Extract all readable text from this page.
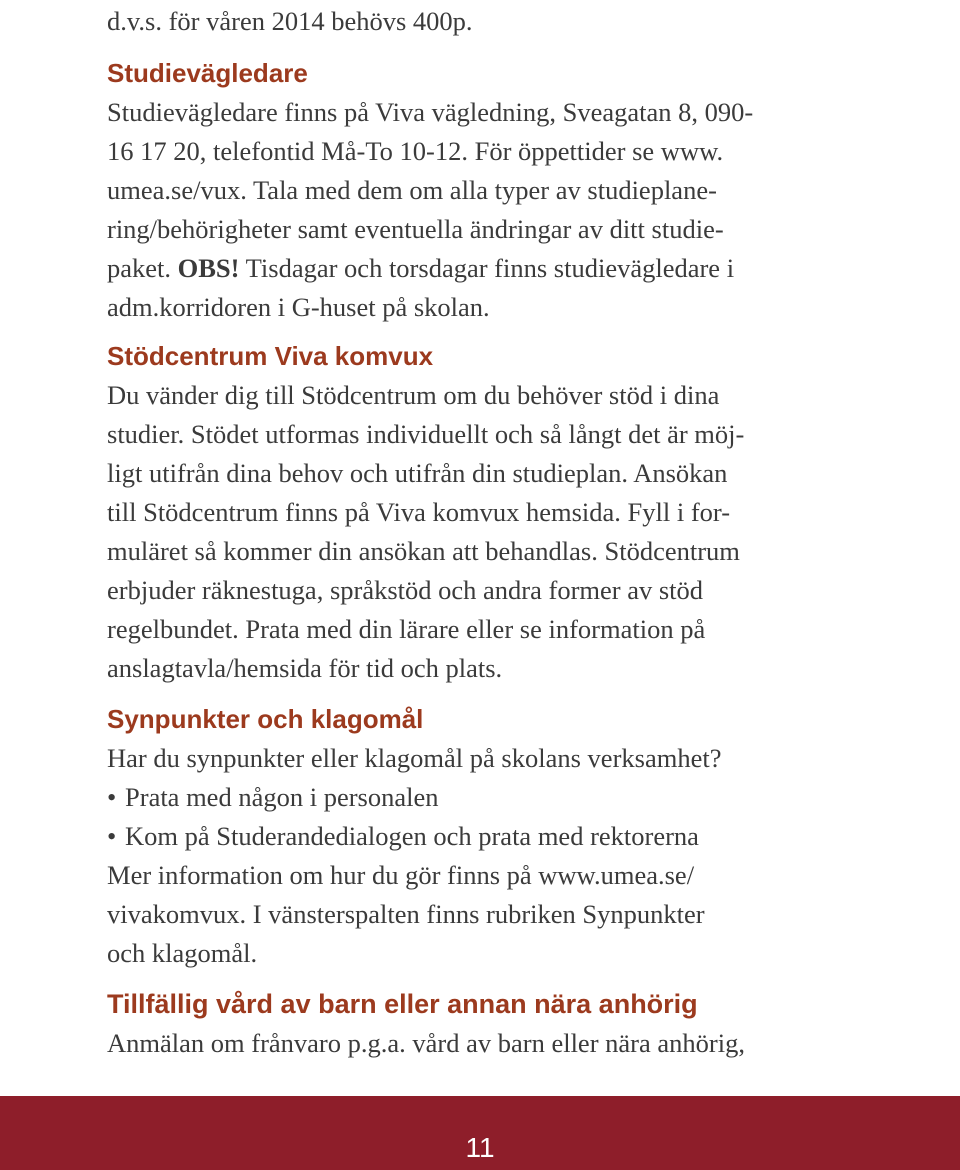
d.v.s. för våren 2014 behövs 400p.
Studievägledare
Studievägledare finns på Viva vägledning, Sveagatan 8, 090-
16 17 20, telefontid Må-To 10-12. För öppettider se www.
umea.se/vux. Tala med dem om alla typer av studieplane-
ring/behörigheter samt eventuella ändringar av ditt studie-
paket. OBS! Tisdagar och torsdagar finns studievägledare i
adm.korridoren i G-huset på skolan.
Stödcentrum Viva komvux
Du vänder dig till Stödcentrum om du behöver stöd i dina
studier. Stödet utformas individuellt och så långt det är möj-
ligt utifrån dina behov och utifrån din studieplan. Ansökan
till Stödcentrum finns på Viva komvux hemsida. Fyll i for-
muläret så kommer din ansökan att behandlas. Stödcentrum
erbjuder räknestuga, språkstöd och andra former av stöd
regelbundet. Prata med din lärare eller se information på
anslagtavla/hemsida för tid och plats.
Synpunkter och klagomål
Har du synpunkter eller klagomål på skolans verksamhet?
• Prata med någon i personalen
• Kom på Studerandedialogen och prata med rektorerna
Mer information om hur du gör finns på www.umea.se/
vivakomvux. I vänsterspalten finns rubriken Synpunkter
och klagomål.
Tillfällig vård av barn eller annan nära anhörig
Anmälan om frånvaro p.g.a. vård av barn eller nära anhörig,
11
